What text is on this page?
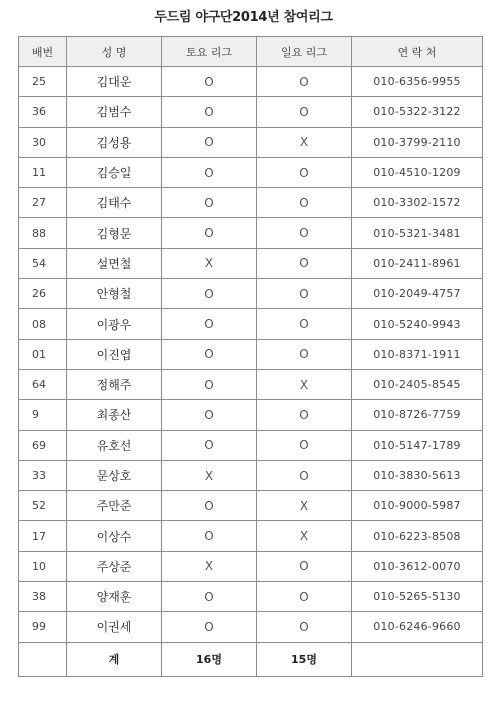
두드림 야구단2014년 참여리그
배번	성 명	토요 리그	일요 리그	연 락 처
25	김대운	O	O	010-6356-9955
36	김범수	O	O	010-5322-3122
30	김성용	O	X	010-3799-2110
11	김승일	O	O	010-4510-1209
27	김태수	O	O	010-3302-1572
88	김형문	O	O	010-5321-3481
54	설면철	X	O	010-2411-8961
26	안형철	O	O	010-2049-4757
08	이광우	O	O	010-5240-9943
01	이진엽	O	O	010-8371-1911
64	정해주	O	X	010-2405-8545
9	최종산	O	O	010-8726-7759
69	유호선	O	O	010-5147-1789
33	문상호	X	O	010-3830-5613
52	주만준	O	X	010-9000-5987
17	이상수	O	X	010-6223-8508
10	주상준	X	O	010-3612-0070
38	양재훈	O	O	010-5265-5130
99	이권세	O	O	010-6246-9660
	계	16명	15명	
